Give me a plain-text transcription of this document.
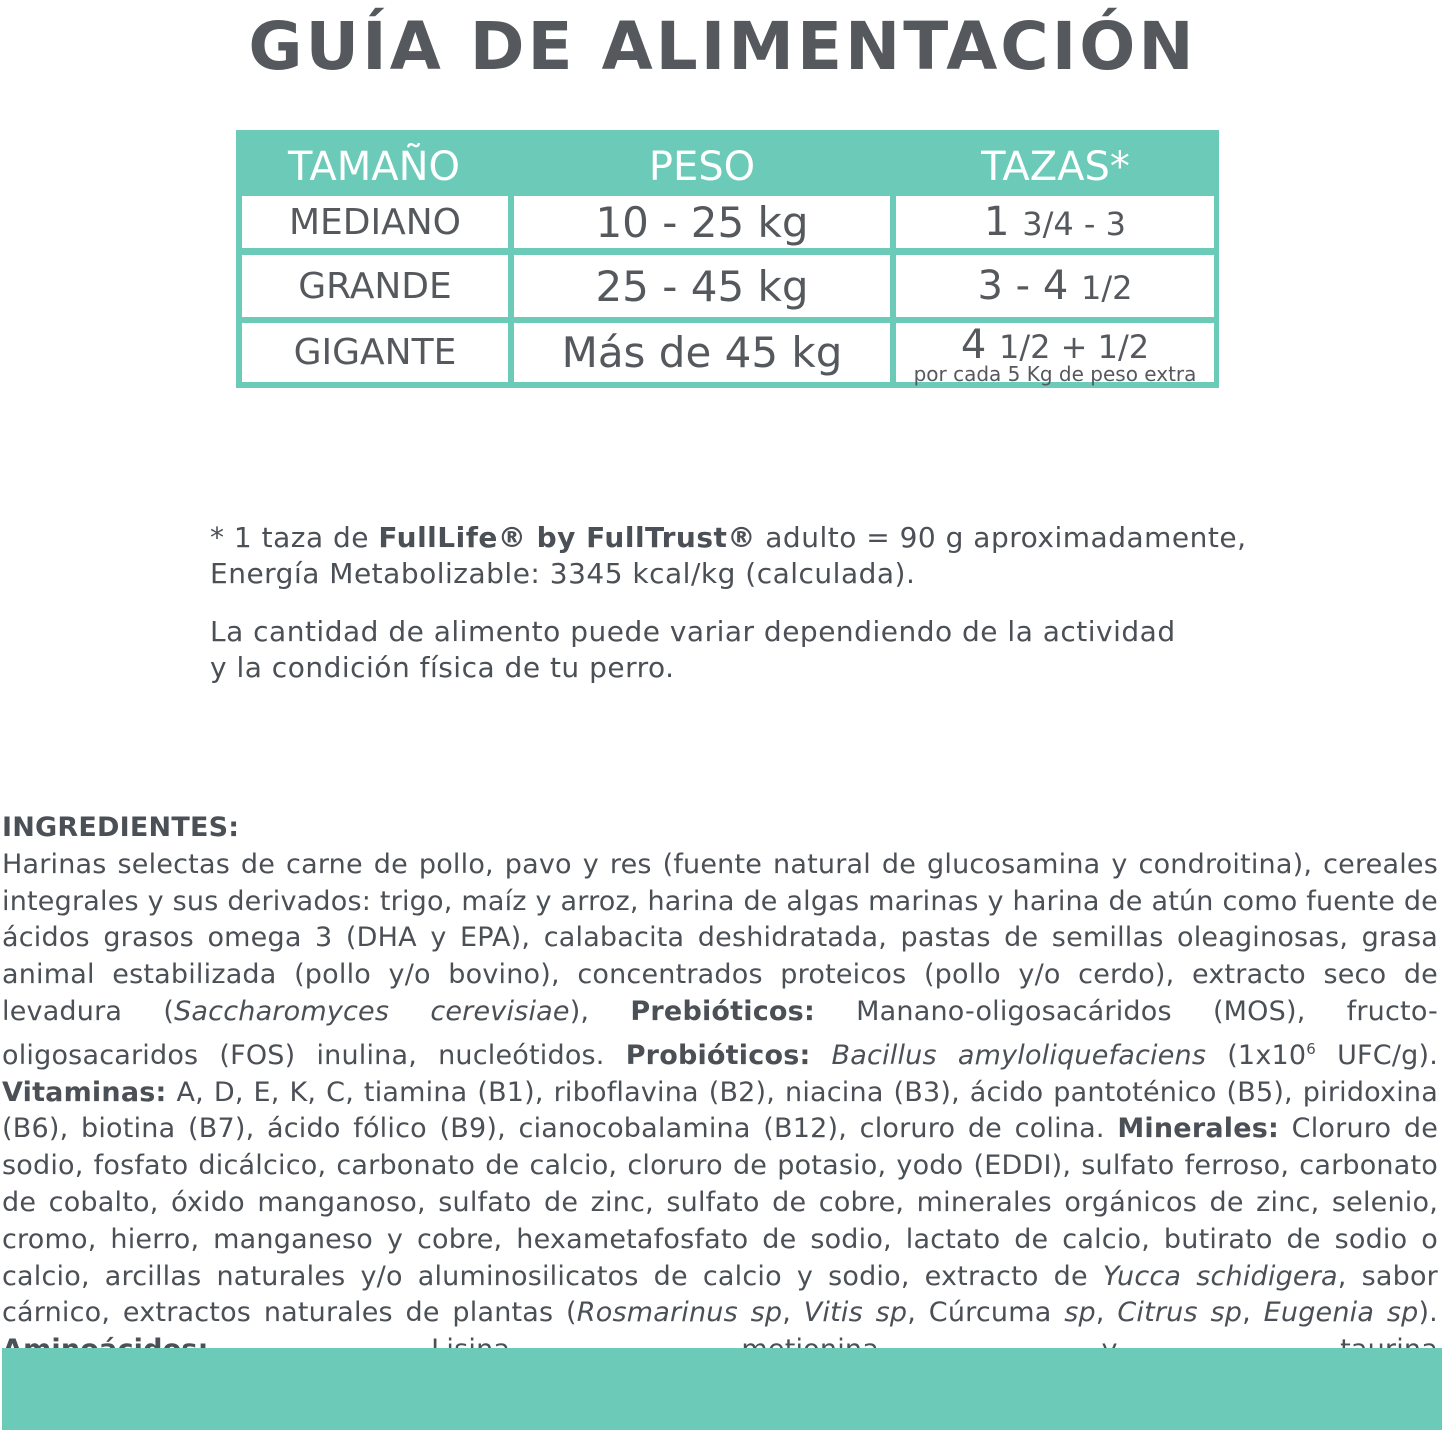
GUÍA DE ALIMENTACIÓN
TAMAÑO	PESO	TAZAS*
MEDIANO	10 - 25 kg	1 3/4 - 3
GRANDE	25 - 45 kg	3 - 4 1/2
GIGANTE	Más de 45 kg	4 1/2 + 1/2
por cada 5 Kg de peso extra

* 1 taza de FullLife® by FullTrust® adulto = 90 g aproximadamente,
Energía Metabolizable: 3345 kcal/kg (calculada).

La cantidad de alimento puede variar dependiendo de la actividad
y la condición física de tu perro.

INGREDIENTES:
Harinas selectas de carne de pollo, pavo y res (fuente natural de glucosamina y condroitina), cereales integrales y sus derivados: trigo, maíz y arroz, harina de algas marinas y harina de atún como fuente de ácidos grasos omega 3 (DHA y EPA), calabacita deshidratada, pastas de semillas oleaginosas, grasa animal estabilizada (pollo y/o bovino), concentrados proteicos (pollo y/o cerdo), extracto seco de levadura (Saccharomyces cerevisiae), Prebióticos: Manano-oligosacáridos (MOS), fructo-oligosacaridos (FOS) inulina, nucleótidos. Probióticos: Bacillus amyloliquefaciens ($1x10^6$ UFC/g). Vitaminas: A, D, E, K, C, tiamina (B1), riboflavina (B2), niacina (B3), ácido pantoténico (B5), piridoxina (B6), biotina (B7), ácido fólico (B9), cianocobalamina (B12), cloruro de colina. Minerales: Cloruro de sodio, fosfato dicálcico, carbonato de calcio, cloruro de potasio, yodo (EDDI), sulfato ferroso, carbonato de cobalto, óxido manganoso, sulfato de zinc, sulfato de cobre, minerales orgánicos de zinc, selenio, cromo, hierro, manganeso y cobre, hexametafosfato de sodio, lactato de calcio, butirato de sodio o calcio, arcillas naturales y/o aluminosilicatos de calcio y sodio, extracto de Yucca schidigera, sabor cárnico, extractos naturales de plantas (Rosmarinus sp, Vitis sp, Cúrcuma sp, Citrus sp, Eugenia sp).
